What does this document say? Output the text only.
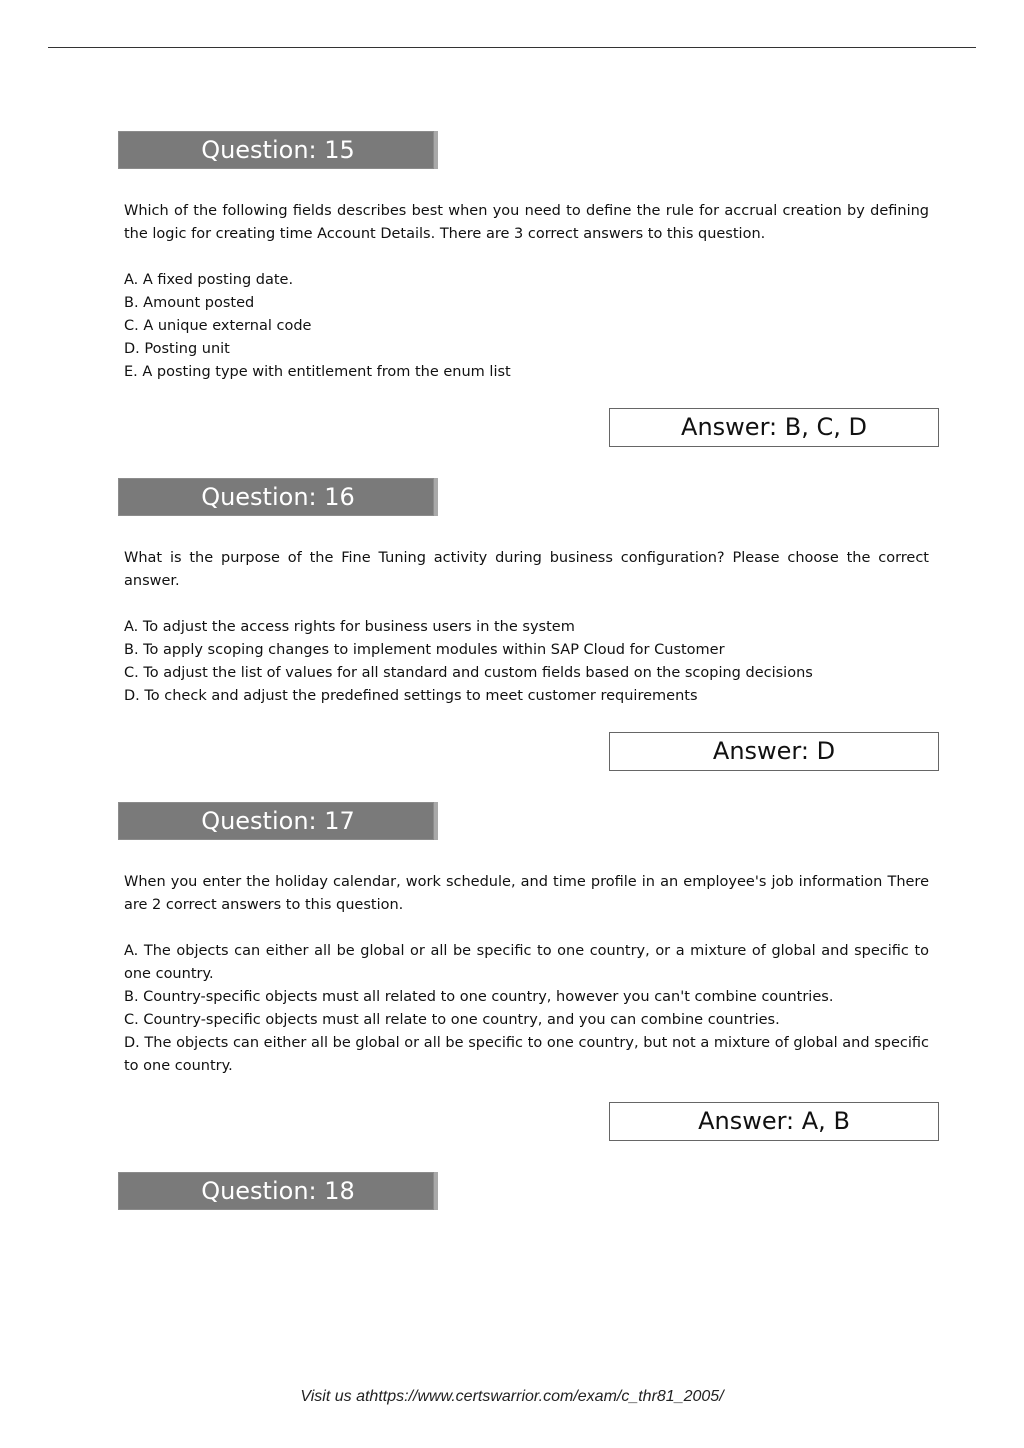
Question: 15

Which of the following fields describes best when you need to define the rule for accrual creation by defining the logic for creating time Account Details. There are 3 correct answers to this question.

A. A fixed posting date.
B. Amount posted
C. A unique external code
D. Posting unit
E. A posting type with entitlement from the enum list
Answer: B, C, D
Question: 16

What is the purpose of the Fine Tuning activity during business configuration? Please choose the correct answer.

A. To adjust the access rights for business users in the system
B. To apply scoping changes to implement modules within SAP Cloud for Customer
C. To adjust the list of values for all standard and custom fields based on the scoping decisions
D. To check and adjust the predefined settings to meet customer requirements
Answer: D
Question: 17

When you enter the holiday calendar, work schedule, and time profile in an employee's job information There are 2 correct answers to this question.

A. The objects can either all be global or all be specific to one country, or a mixture of global and specific to one country.
B. Country-specific objects must all related to one country, however you can't combine countries.
C. Country-specific objects must all relate to one country, and you can combine countries.
D. The objects can either all be global or all be specific to one country, but not a mixture of global and specific to one country.
Answer: A, B
Question: 18
Visit us athttps://www.certswarrior.com/exam/c_thr81_2005/
